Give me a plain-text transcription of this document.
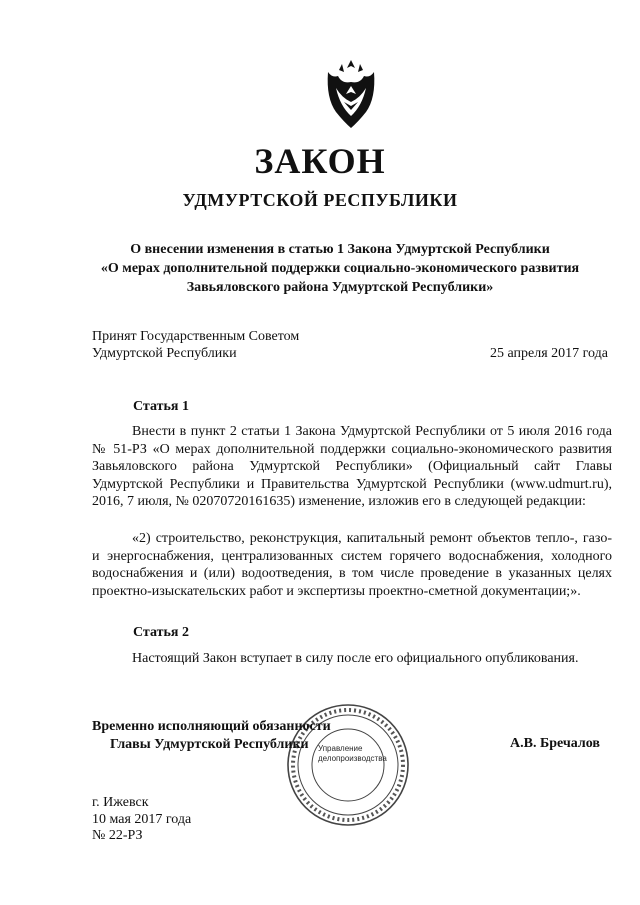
ЗАКОН
УДМУРТСКОЙ РЕСПУБЛИКИ
О внесении изменения в статью 1 Закона Удмуртской Республики
«О мерах дополнительной поддержки социально-экономического развития
Завьяловского района Удмуртской Республики»
Принят Государственным Советом
Удмуртской Республики	25 апреля 2017 года
Статья 1
Внести в пункт 2 статьи 1 Закона Удмуртской Республики от 5 июля 2016 года № 51-РЗ «О мерах дополнительной поддержки социально-экономического развития Завьяловского района Удмуртской Республики» (Официальный сайт Главы Удмуртской Республики и Правительства Удмуртской Республики (www.udmurt.ru), 2016, 7 июля, № 02070720161635) изменение, изложив его в следующей редакции:
«2) строительство, реконструкция, капитальный ремонт объектов тепло-, газо- и энергоснабжения, централизованных систем горячего водоснабжения, холодного водоснабжения и (или) водоотведения, в том числе проведение в указанных целях проектно-изыскательских работ и экспертизы проектно-сметной документации;».
Статья 2
Настоящий Закон вступает в силу после его официального опубликования.
Управление
делопроизводства
Временно исполняющий обязанности
Главы Удмуртской Республики	А.В. Бречалов
г. Ижевск
10 мая 2017 года
№ 22-РЗ
